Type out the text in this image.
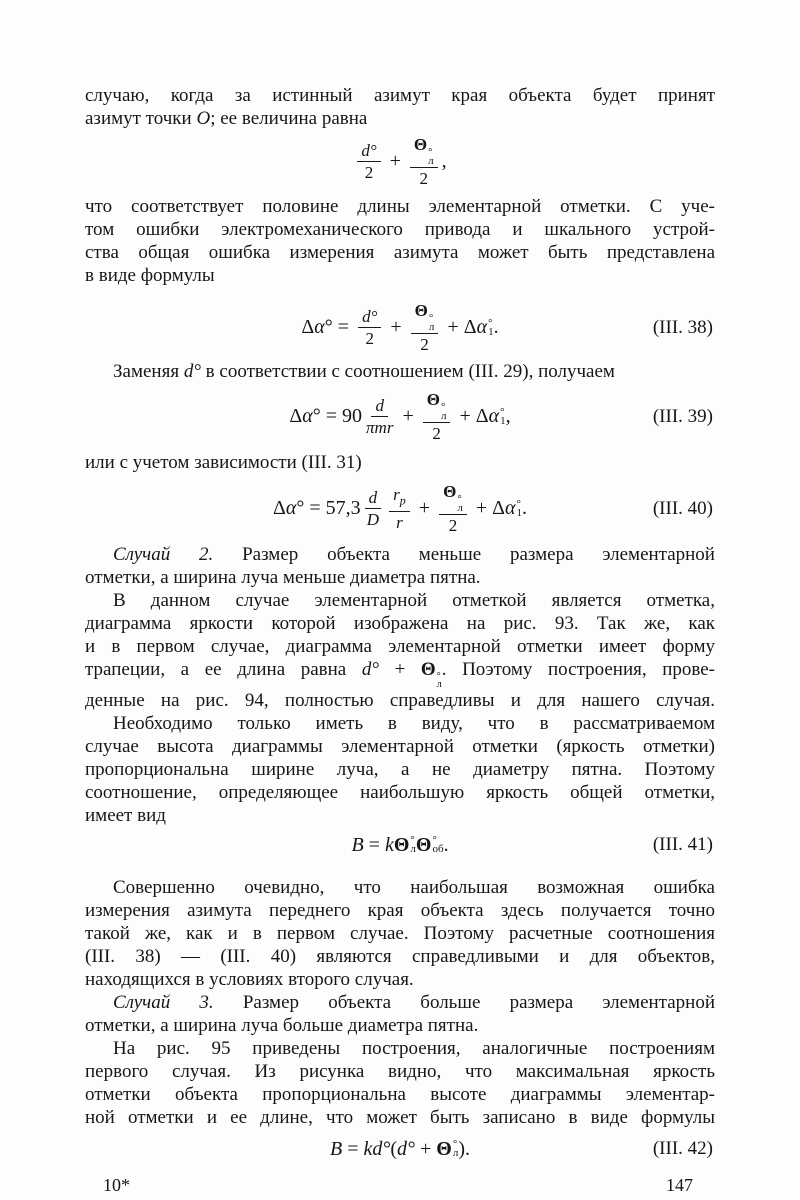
случаю, когда за истинный азимут края объекта будет принят
азимут точки O; ее величина равна

$\frac{d^\circ}{2} + \Theta$ °
л
2 ,

что соответствует половине длины элементарной отметки. С уче-
том ошибки электромеханического привода и шкального устрой-
ства общая ошибка измерения азимута может быть представлена
в виде формулы

Δ α ° = $\frac{d^\circ}{2} + \Theta$ °
л
2 + Δ α °
1 .	(III. 38)

Заменяя d° в соответствии с соотношением (III. 29), получаем

Δ α ° = $90 \frac{d}{\text{πmr}} + \Theta$ °
л
2 + Δ α °
1 ,	(III. 39)

или с учетом зависимости (III. 31)

Δ α ° = $57,3 \frac{d}{D} \frac{r_р}{r} + \Theta$ °
л
2 + Δ α °
1 .	(III. 40)

Случай 2. Размер объекта меньше размера элементарной
отметки, а ширина луча меньше диаметра пятна.

В данном случае элементарной отметкой является отметка,
диаграмма яркости которой изображена на рис. 93. Так же, как
и в первом случае, диаграмма элементарной отметки имеет форму
трапеции, а ее длина равна d° + Θ °
л
. Поэтому построения, прове-
денные на рис. 94, полностью справедливы и для нашего случая.

Необходимо только иметь в виду, что в рассматриваемом
случае высота диаграммы элементарной отметки (яркость отметки)
пропорциональна ширине луча, а не диаметру пятна. Поэтому
соотношение, определяющее наибольшую яркость общей отметки,
имеет вид

B = k Θ °
л Θ °
об .	(III. 41)

Совершенно очевидно, что наибольшая возможная ошибка
измерения азимута переднего края объекта здесь получается точно
такой же, как и в первом случае. Поэтому расчетные соотношения
(III. 38) — (III. 40) являются справедливыми и для объектов,
находящихся в условиях второго случая.

Случай 3. Размер объекта больше размера элементарной
отметки, а ширина луча больше диаметра пятна.

На рис. 95 приведены построения, аналогичные построениям
первого случая. Из рисунка видно, что максимальная яркость
отметки объекта пропорциональна высоте диаграммы элементар-
ной отметки и ее длине, что может быть записано в виде формулы

B = kd° ( d° + Θ °
л ) .	(III. 42)
10*	147
